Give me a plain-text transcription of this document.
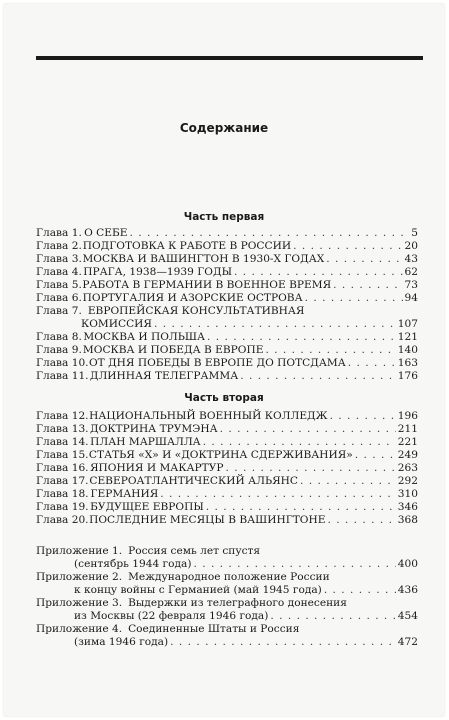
Содержание
Часть первая
Глава 1. О СЕБЕ . . .	5
Глава 2. ПОДГОТОВКА К РАБОТЕ В РОССИИ . . .	20
Глава 3. МОСКВА И ВАШИНГТОН В 1930-Х ГОДАХ . . .	43
Глава 4. ПРАГА, 1938—1939 ГОДЫ . . .	62
Глава 5. РАБОТА В ГЕРМАНИИ В ВОЕННОЕ ВРЕМЯ . . .	73
Глава 6. ПОРТУГАЛИЯ И АЗОРСКИЕ ОСТРОВА . . .	94
Глава 7. ЕВРОПЕЙСКАЯ КОНСУЛЬТАТИВНАЯ
КОМИССИЯ . . .	107
Глава 8. МОСКВА И ПОЛЬША . . .	121
Глава 9. МОСКВА И ПОБЕДА В ЕВРОПЕ . . .	140
Глава 10. ОТ ДНЯ ПОБЕДЫ В ЕВРОПЕ ДО ПОТСДАМА . . .	163
Глава 11. ДЛИННАЯ ТЕЛЕГРАММА . . .	176
Часть вторая
Глава 12. НАЦИОНАЛЬНЫЙ ВОЕННЫЙ КОЛЛЕДЖ . . .	196
Глава 13. ДОКТРИНА ТРУМЭНА . . .	211
Глава 14. ПЛАН МАРШАЛЛА . . .	221
Глава 15. СТАТЬЯ «Х» И «ДОКТРИНА СДЕРЖИВАНИЯ» . . .	249
Глава 16. ЯПОНИЯ И МАКАРТУР . . .	263
Глава 17. СЕВЕРОАТЛАНТИЧЕСКИЙ АЛЬЯНС . . .	292
Глава 18. ГЕРМАНИЯ . . .	310
Глава 19. БУДУЩЕЕ ЕВРОПЫ . . .	346
Глава 20. ПОСЛЕДНИЕ МЕСЯЦЫ В ВАШИНГТОНЕ . . .	368
Приложение 1. Россия семь лет спустя
(сентябрь 1944 года) . . .	400
Приложение 2. Международное положение России
к концу войны с Германией (май 1945 года) . . .	436
Приложение 3. Выдержки из телеграфного донесения
из Москвы (22 февраля 1946 года) . . .	454
Приложение 4. Соединенные Штаты и Россия
(зима 1946 года) . . .	472
